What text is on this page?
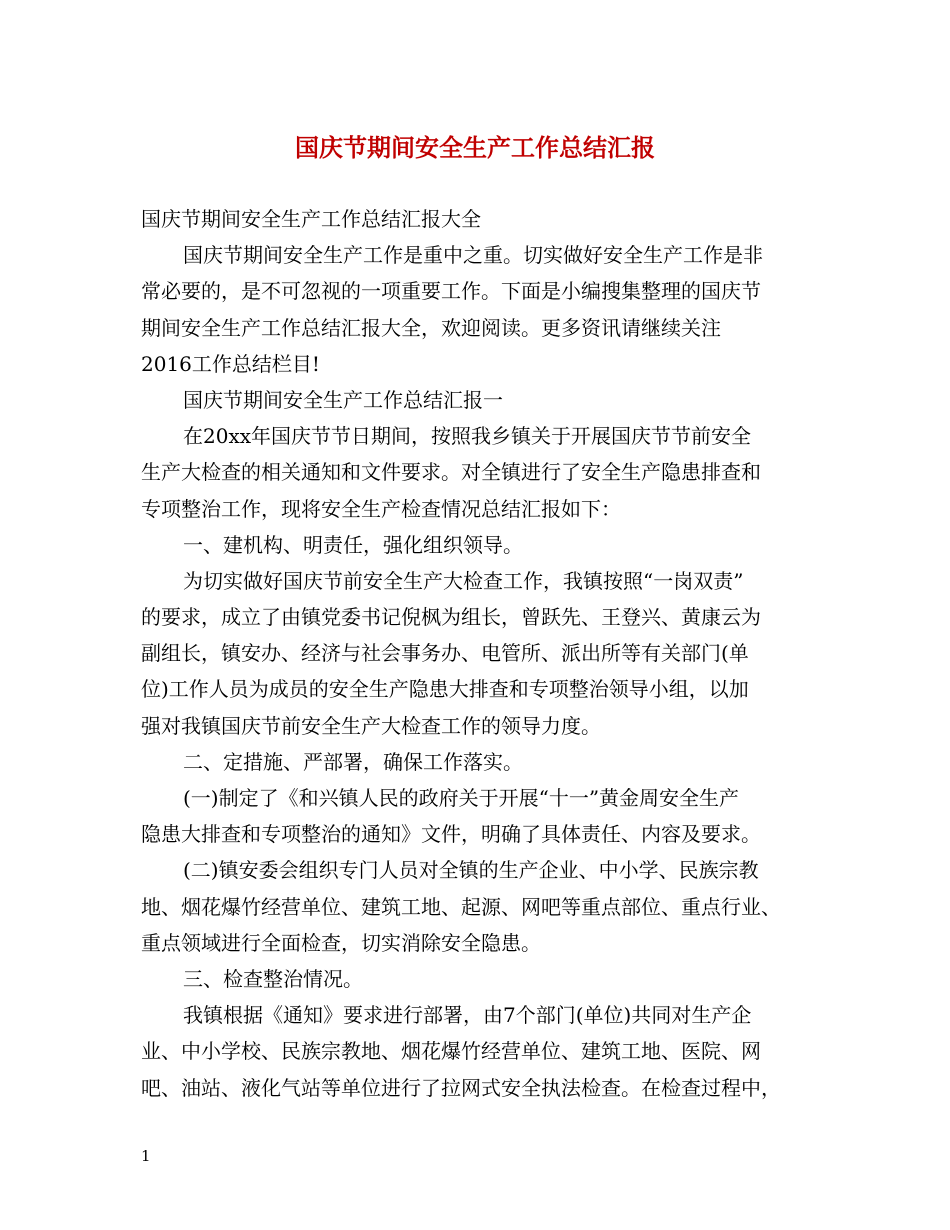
国庆节期间安全生产工作总结汇报
国庆节期间安全生产工作总结汇报大全
国庆节期间安全生产工作是重中之重。切实做好安全生产工作是非
常必要的，是不可忽视的一项重要工作。下面是小编搜集整理的国庆节
期间安全生产工作总结汇报大全，欢迎阅读。更多资讯请继续关注
2016工作总结栏目!
国庆节期间安全生产工作总结汇报一
在20xx年国庆节节日期间，按照我乡镇关于开展国庆节节前安全
生产大检查的相关通知和文件要求。对全镇进行了安全生产隐患排查和
专项整治工作，现将安全生产检查情况总结汇报如下：
一、建机构、明责任，强化组织领导。
为切实做好国庆节前安全生产大检查工作，我镇按照“一岗双责”
的要求，成立了由镇党委书记倪枫为组长，曾跃先、王登兴、黄康云为
副组长，镇安办、经济与社会事务办、电管所、派出所等有关部门(单
位)工作人员为成员的安全生产隐患大排查和专项整治领导小组，以加
强对我镇国庆节前安全生产大检查工作的领导力度。
二、定措施、严部署，确保工作落实。
(一)制定了《和兴镇人民的政府关于开展“十一”黄金周安全生产
隐患大排查和专项整治的通知》文件，明确了具体责任、内容及要求。
(二)镇安委会组织专门人员对全镇的生产企业、中小学、民族宗教
地、烟花爆竹经营单位、建筑工地、起源、网吧等重点部位、重点行业、
重点领域进行全面检查，切实消除安全隐患。
三、检查整治情况。
我镇根据《通知》要求进行部署，由7个部门(单位)共同对生产企
业、中小学校、民族宗教地、烟花爆竹经营单位、建筑工地、医院、网
吧、油站、液化气站等单位进行了拉网式安全执法检查。在检查过程中，
1
